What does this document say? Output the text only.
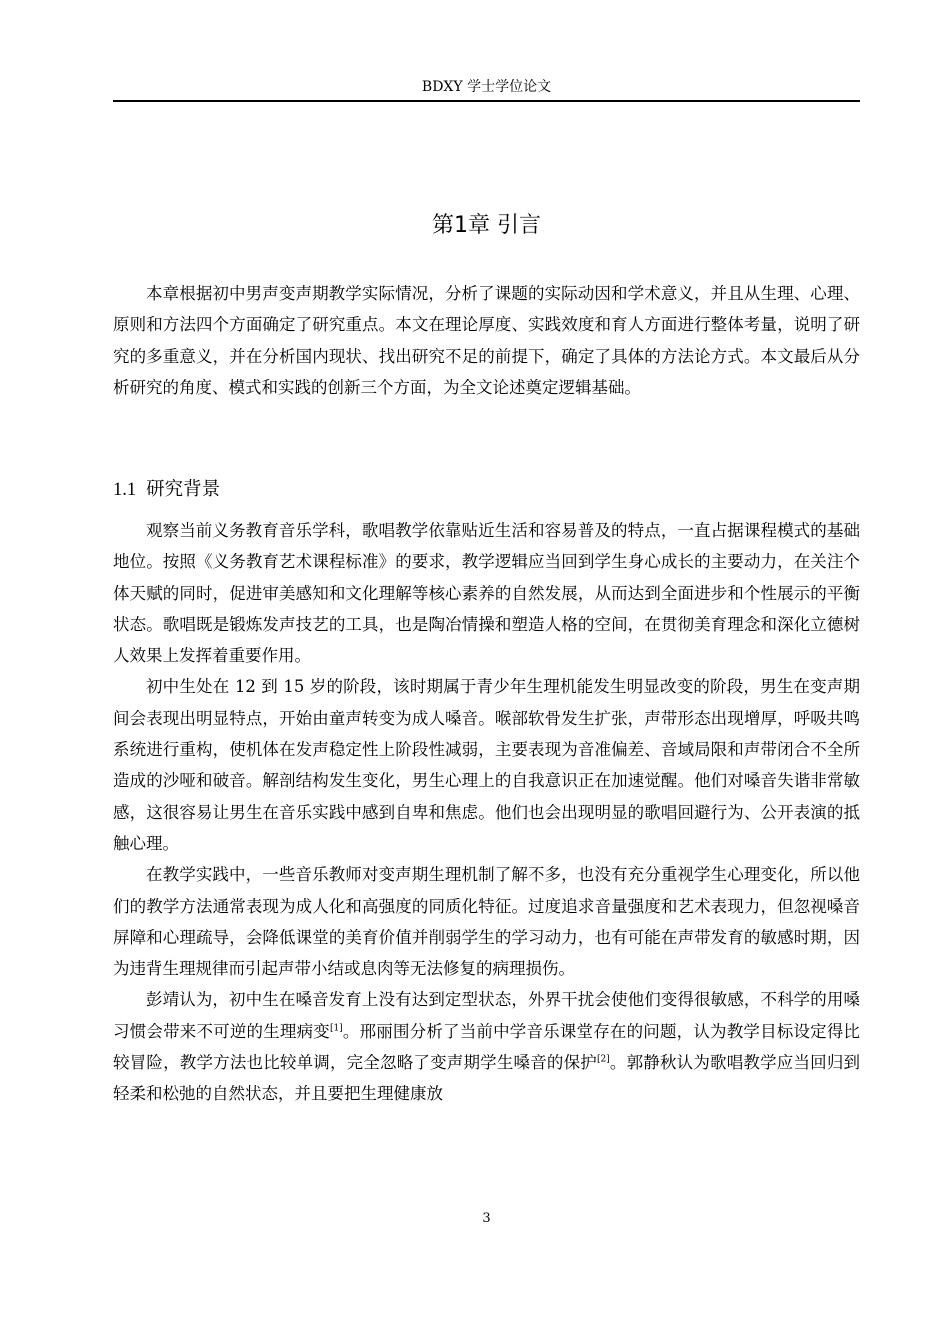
BDXY 学士学位论文
第1章 引言

本章根据初中男声变声期教学实际情况，分析了课题的实际动因和学术意义，并且从生理、心理、原则和方法四个方面确定了研究重点。本文在理论厚度、实践效度和育人方面进行整体考量，说明了研究的多重意义，并在分析国内现状、找出研究不足的前提下，确定了具体的方法论方式。本文最后从分析研究的角度、模式和实践的创新三个方面，为全文论述奠定逻辑基础。

1.1 研究背景

观察当前义务教育音乐学科，歌唱教学依靠贴近生活和容易普及的特点，一直占据课程模式的基础地位。按照《义务教育艺术课程标准》的要求，教学逻辑应当回到学生身心成长的主要动力，在关注个体天赋的同时，促进审美感知和文化理解等核心素养的自然发展，从而达到全面进步和个性展示的平衡状态。歌唱既是锻炼发声技艺的工具，也是陶冶情操和塑造人格的空间，在贯彻美育理念和深化立德树人效果上发挥着重要作用。

初中生处在 12 到 15 岁的阶段，该时期属于青少年生理机能发生明显改变的阶段，男生在变声期间会表现出明显特点，开始由童声转变为成人嗓音。喉部软骨发生扩张，声带形态出现增厚，呼吸共鸣系统进行重构，使机体在发声稳定性上阶段性减弱，主要表现为音准偏差、音域局限和声带闭合不全所造成的沙哑和破音。解剖结构发生变化，男生心理上的自我意识正在加速觉醒。他们对嗓音失谐非常敏感，这很容易让男生在音乐实践中感到自卑和焦虑。他们也会出现明显的歌唱回避行为、公开表演的抵触心理。

在教学实践中，一些音乐教师对变声期生理机制了解不多，也没有充分重视学生心理变化，所以他们的教学方法通常表现为成人化和高强度的同质化特征。过度追求音量强度和艺术表现力，但忽视嗓音屏障和心理疏导，会降低课堂的美育价值并削弱学生的学习动力，也有可能在声带发育的敏感时期，因为违背生理规律而引起声带小结或息肉等无法修复的病理损伤。

彭靖认为，初中生在嗓音发育上没有达到定型状态，外界干扰会使他们变得很敏感，不科学的用嗓习惯会带来不可逆的生理病变[1]。邢丽围分析了当前中学音乐课堂存在的问题，认为教学目标设定得比较冒险，教学方法也比较单调，完全忽略了变声期学生嗓音的保护[2]。郭静秋认为歌唱教学应当回归到轻柔和松弛的自然状态，并且要把生理健康放

3
